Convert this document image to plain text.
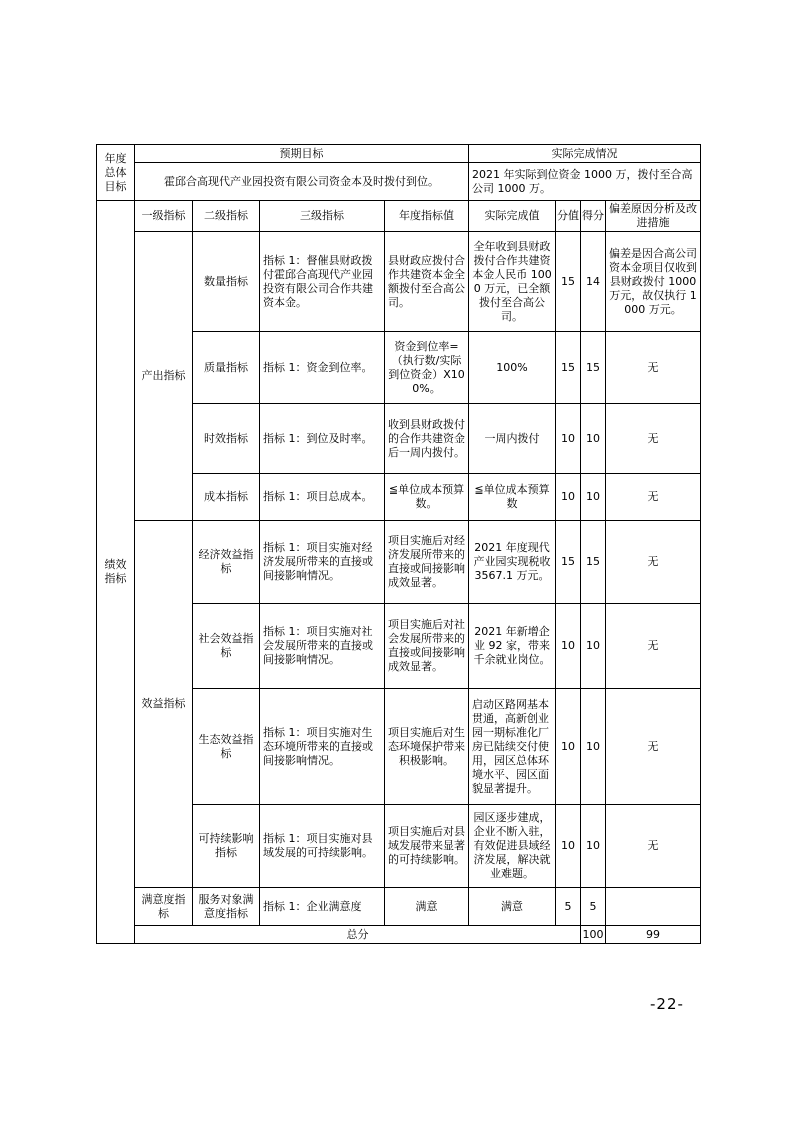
年度总体目标	预期目标				实际完成情况				
	霍邱合高现代产业园投资有限公司资金本及时拨付到位。				2021 年实际到位资金 1000 万，拨付至合高公司 1000 万。				
绩效指标	一级指标	二级指标	三级指标	年度指标值	实际完成值	分值	得分	偏差原因分析及改进措施	
	产出指标	数量指标	指标 1：督催县财政拨付霍邱合高现代产业园投资有限公司合作共建资本金。	县财政应拨付合作共建资本金全额拨付至合高公司。	全年收到县财政拨付合作共建资本金人民币 1000 万元，已全额拨付至合高公司。	15	14	偏差是因合高公司资本金项目仅收到县财政拨付 1000 万元，故仅执行 1000 万元。	
		质量指标	指标 1：资金到位率。	资金到位率=（执行数/实际到位资金）X100%。	100%	15	15	无	
		时效指标	指标 1：到位及时率。	收到县财政拨付的合作共建资金后一周内拨付。	一周内拨付	10	10	无	
		成本指标	指标 1：项目总成本。	≦单位成本预算数。	≦单位成本预算数	10	10	无	
	效益指标	经济效益指标	指标 1：项目实施对经济发展所带来的直接或间接影响情况。	项目实施后对经济发展所带来的直接或间接影响成效显著。	2021 年度现代产业园实现税收 3567.1 万元。	15	15	无	
		社会效益指标	指标 1：项目实施对社会发展所带来的直接或间接影响情况。	项目实施后对社会发展所带来的直接或间接影响成效显著。	2021 年新增企业 92 家，带来千余就业岗位。	10	10	无	
		生态效益指标	指标 1：项目实施对生态环境所带来的直接或间接影响情况。	项目实施后对生态环境保护带来积极影响。	启动区路网基本贯通，高新创业园一期标准化厂房已陆续交付使用，园区总体环境水平、园区面貌显著提升。	10	10	无	
		可持续影响指标	指标 1：项目实施对县域发展的可持续影响。	项目实施后对县域发展带来显著的可持续影响。	园区逐步建成，企业不断入驻，有效促进县域经济发展，解决就业难题。	10	10	无	
	满意度指标	服务对象满意度指标	指标 1：企业满意度	满意	满意	5	5		
	总分						100	99	
-22-
